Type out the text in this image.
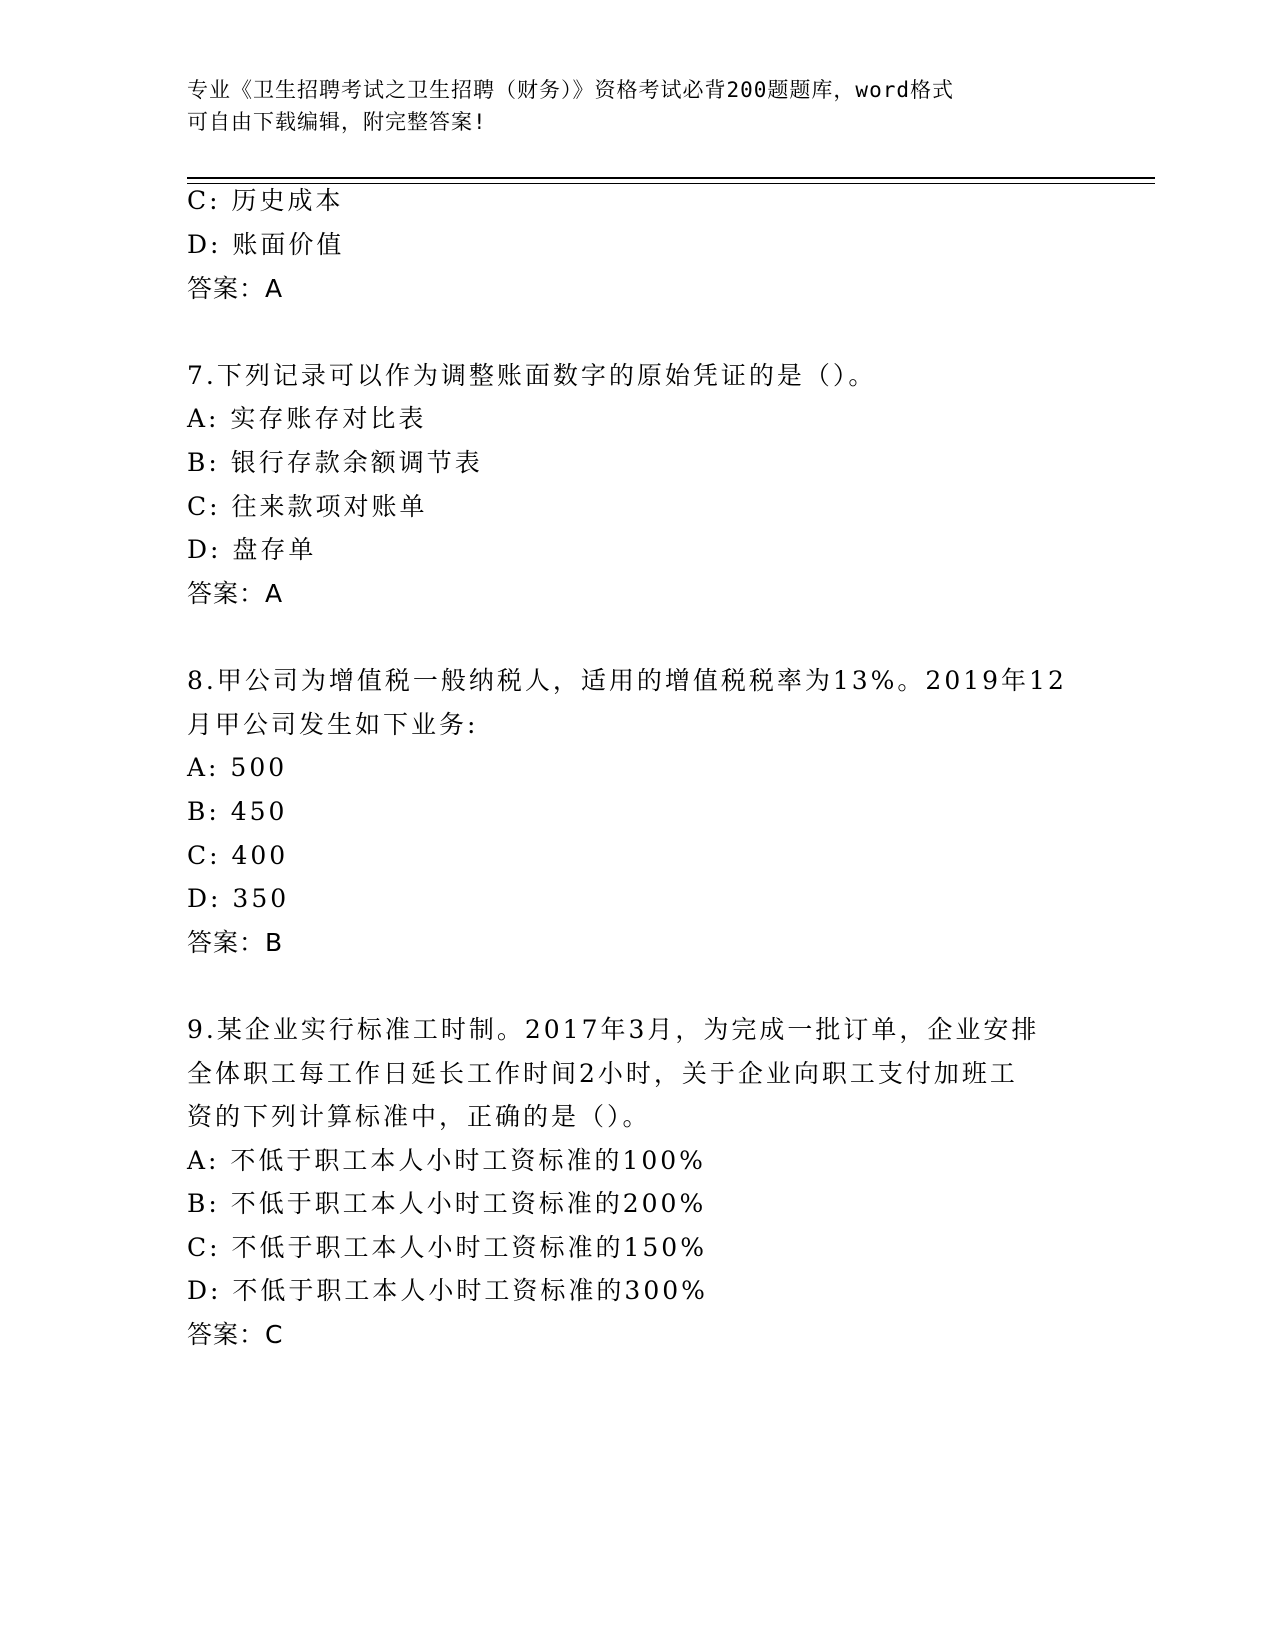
专业《卫生招聘考试之卫生招聘（财务）》资格考试必背200题题库，word格式
可自由下载编辑，附完整答案!
C: 历史成本
D: 账面价值
答案：A
7.下列记录可以作为调整账面数字的原始凭证的是（）。
A: 实存账存对比表
B: 银行存款余额调节表
C: 往来款项对账单
D: 盘存单
答案：A
8.甲公司为增值税一般纳税人，适用的增值税税率为13%。2019年12
月甲公司发生如下业务:
A: 500
B: 450
C: 400
D: 350
答案：B
9.某企业实行标准工时制。2017年3月，为完成一批订单，企业安排
全体职工每工作日延长工作时间2小时，关于企业向职工支付加班工
资的下列计算标准中，正确的是（）。
A: 不低于职工本人小时工资标准的100%
B: 不低于职工本人小时工资标准的200%
C: 不低于职工本人小时工资标准的150%
D: 不低于职工本人小时工资标准的300%
答案：C
